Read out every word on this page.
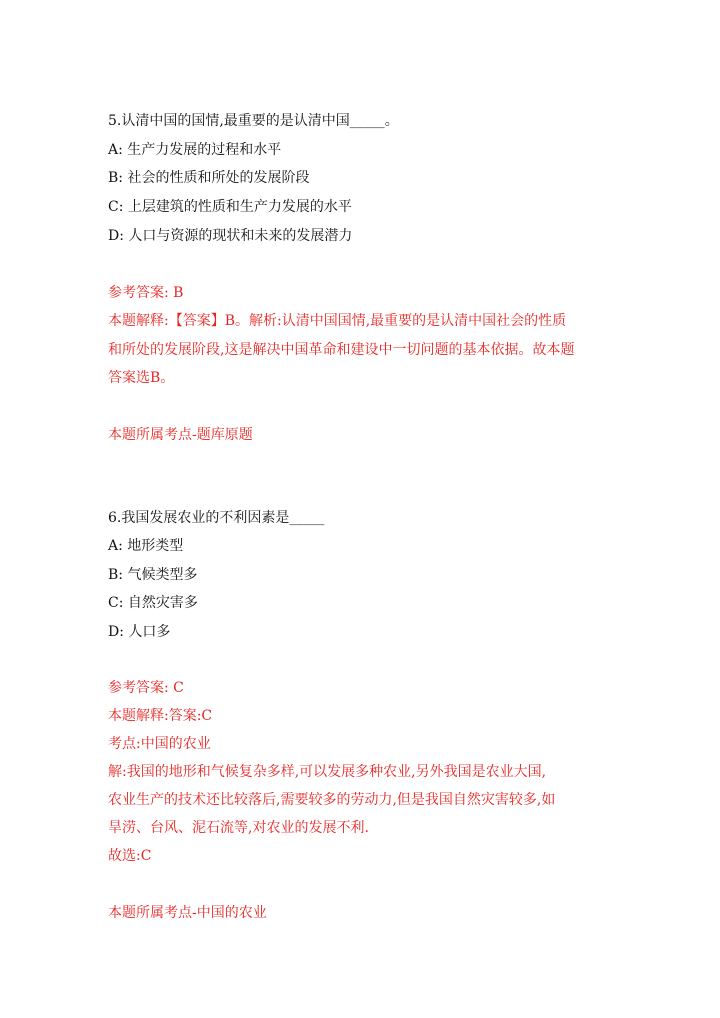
5.认清中国的国情,最重要的是认清中国_____。
A: 生产力发展的过程和水平
B: 社会的性质和所处的发展阶段
C: 上层建筑的性质和生产力发展的水平
D: 人口与资源的现状和未来的发展潜力
参考答案: B
本题解释:【答案】B。解析:认清中国国情,最重要的是认清中国社会的性质
和所处的发展阶段,这是解决中国革命和建设中一切问题的基本依据。故本题
答案选B。
本题所属考点-题库原题
6.我国发展农业的不利因素是_____
A: 地形类型
B: 气候类型多
C: 自然灾害多
D: 人口多
参考答案: C
本题解释:答案:C
考点:中国的农业
解:我国的地形和气候复杂多样,可以发展多种农业,另外我国是农业大国,
农业生产的技术还比较落后,需要较多的劳动力,但是我国自然灾害较多,如
旱涝、台风、泥石流等,对农业的发展不利.
故选:C
本题所属考点-中国的农业
